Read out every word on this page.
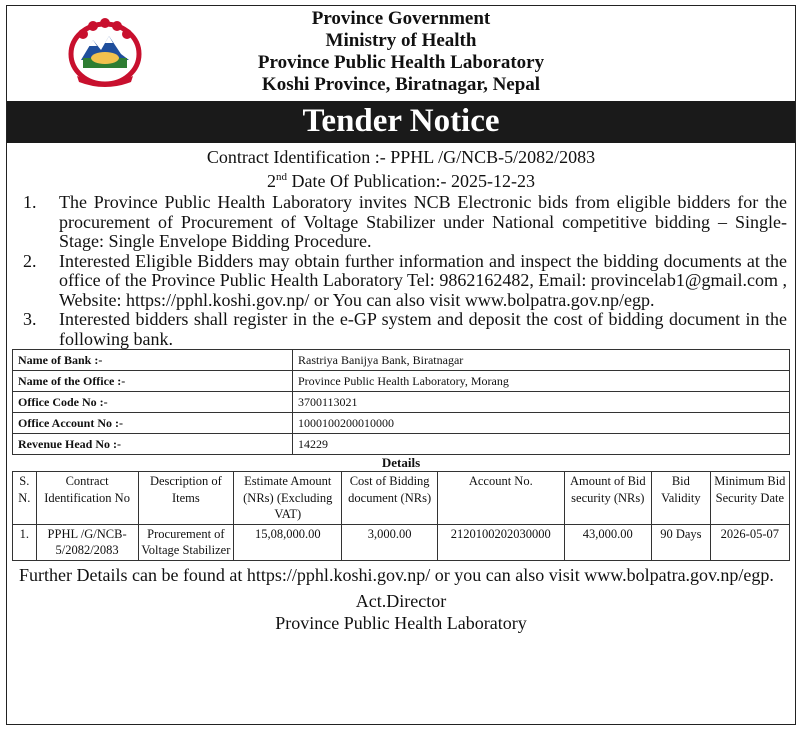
Province Government
Ministry of Health
Province Public Health Laboratory
Koshi Province, Biratnagar, Nepal
Tender Notice
Contract Identification :- PPHL /G/NCB-5/2082/2083
2nd Date Of Publication:- 2025-12-23
1. The Province Public Health Laboratory invites NCB Electronic bids from eligible bidders for the procurement of Procurement of Voltage Stabilizer under National competitive bidding – Single-Stage: Single Envelope Bidding Procedure.
2. Interested Eligible Bidders may obtain further information and inspect the bidding documents at the office of the Province Public Health Laboratory Tel: 9862162482, Email: provincelab1@gmail.com , Website: https://pphl.koshi.gov.np/ or You can also visit www.bolpatra.gov.np/egp.
3. Interested bidders shall register in the e-GP system and deposit the cost of bidding document in the following bank.
Name of Bank :-	Rastriya Banijya Bank, Biratnagar
Name of the Office :-	Province Public Health Laboratory, Morang
Office Code No :-	3700113021
Office Account No :-	1000100200010000
Revenue Head No :-	14229
Details
S. N.	Contract Identification No	Description of Items	Estimate Amount (NRs) (Excluding VAT)	Cost of Bidding document (NRs)	Account No.	Amount of Bid security (NRs)	Bid Validity	Minimum Bid Security Date
1.	PPHL /G/NCB-5/2082/2083	Procurement of Voltage Stabilizer	15,08,000.00	3,000.00	2120100202030000	43,000.00	90 Days	2026-05-07
Further Details can be found at https://pphl.koshi.gov.np/ or you can also visit www.bolpatra.gov.np/egp.
Act.Director
Province Public Health Laboratory
